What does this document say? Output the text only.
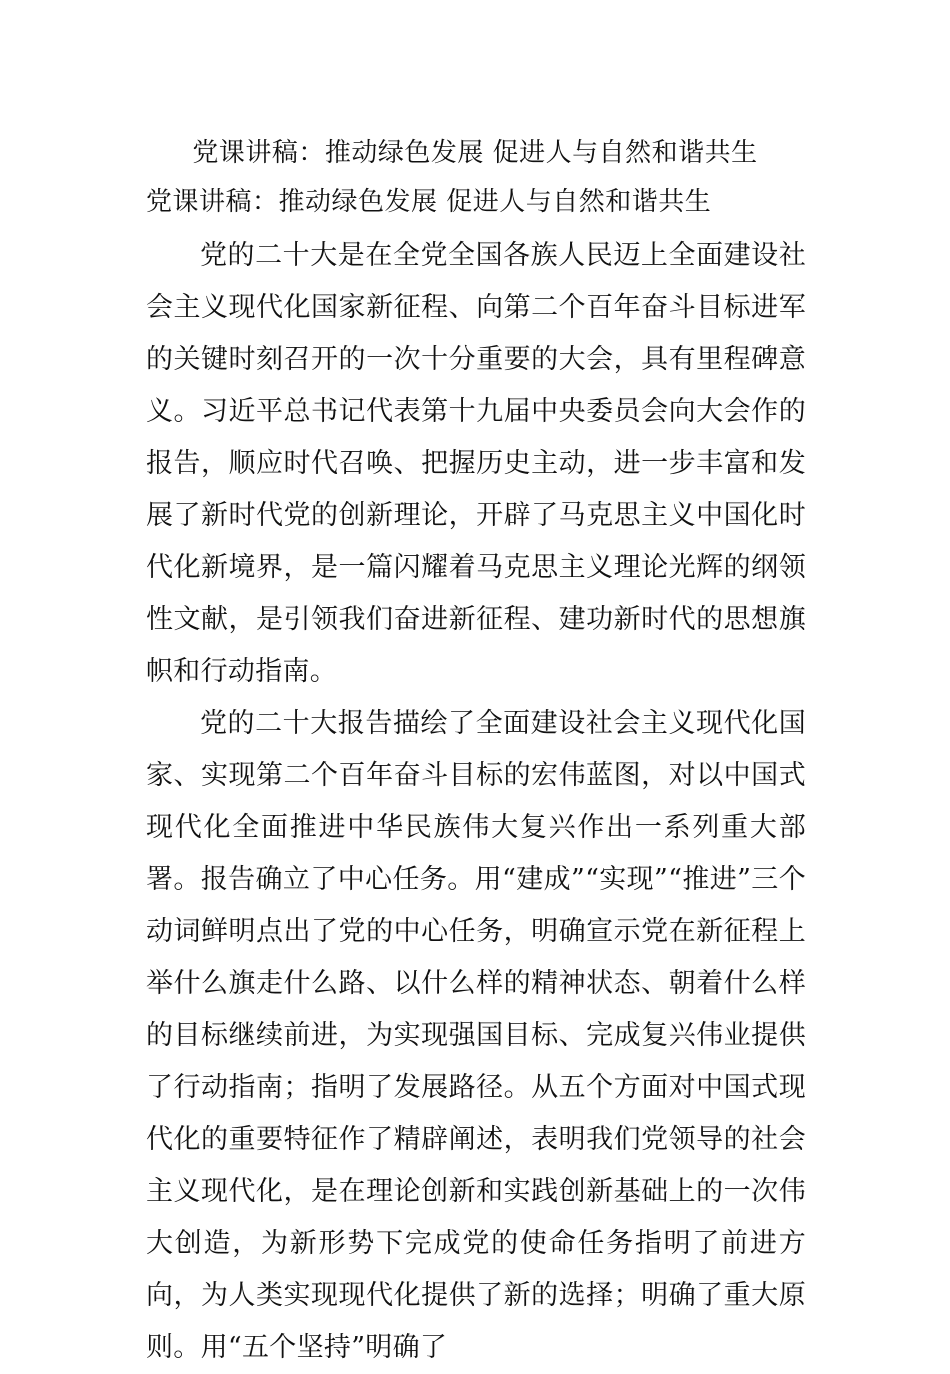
党课讲稿：推动绿色发展 促进人与自然和谐共生
党课讲稿：推动绿色发展 促进人与自然和谐共生

党的二十大是在全党全国各族人民迈上全面建设社会主义现代化国家新征程、向第二个百年奋斗目标进军的关键时刻召开的一次十分重要的大会，具有里程碑意义。习近平总书记代表第十九届中央委员会向大会作的报告，顺应时代召唤、把握历史主动，进一步丰富和发展了新时代党的创新理论，开辟了马克思主义中国化时代化新境界，是一篇闪耀着马克思主义理论光辉的纲领性文献，是引领我们奋进新征程、建功新时代的思想旗帜和行动指南。

党的二十大报告描绘了全面建设社会主义现代化国家、实现第二个百年奋斗目标的宏伟蓝图，对以中国式现代化全面推进中华民族伟大复兴作出一系列重大部署。报告确立了中心任务。用“建成”“实现”“推进”三个动词鲜明点出了党的中心任务，明确宣示党在新征程上举什么旗走什么路、以什么样的精神状态、朝着什么样的目标继续前进，为实现强国目标、完成复兴伟业提供了行动指南；指明了发展路径。从五个方面对中国式现代化的重要特征作了精辟阐述，表明我们党领导的社会主义现代化，是在理论创新和实践创新基础上的一次伟大创造，为新形势下完成党的使命任务指明了前进方向，为人类实现现代化提供了新的选择；明确了重大原则。用“五个坚持”明确了
